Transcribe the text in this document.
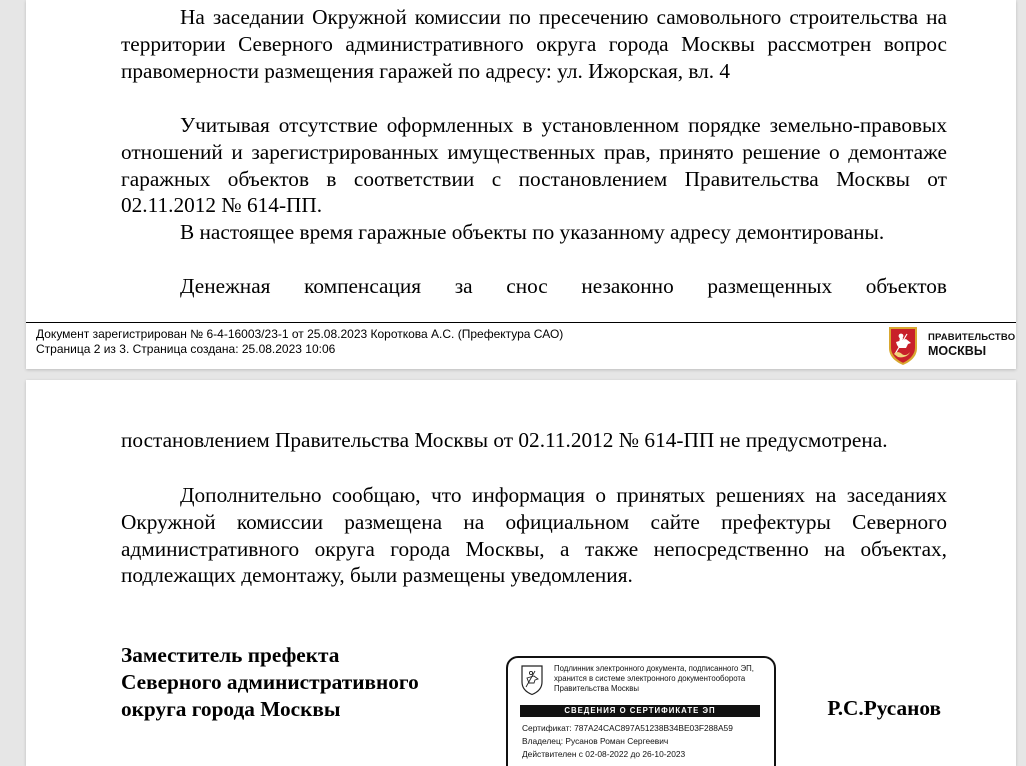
На заседании Окружной комиссии по пресечению самовольного строительства на территории Северного административного округа города Москвы рассмотрен вопрос правомерности размещения гаражей по адресу: ул. Ижорская, вл. 4

Учитывая отсутствие оформленных в установленном порядке земельно-правовых отношений и зарегистрированных имущественных прав, принято решение о демонтаже гаражных объектов в соответствии с постановлением Правительства Москвы от 02.11.2012 № 614-ПП.

В настоящее время гаражные объекты по указанному адресу демонтированы.

Денежная компенсация за снос незаконно размещенных объектов

Документ зарегистрирован № 6-4-16003/23-1 от 25.08.2023 Короткова А.С. (Префектура САО)
Страница 2 из 3. Страница создана: 25.08.2023 10:06
ПРАВИТЕЛЬСТВО
МОСКВЫ

постановлением Правительства Москвы от 02.11.2012 № 614-ПП не предусмотрена.

Дополнительно сообщаю, что информация о принятых решениях на заседаниях Окружной комиссии размещена на официальном сайте префектуры Северного административного округа города Москвы, а также непосредственно на объектах, подлежащих демонтажу, были размещены уведомления.

Заместитель префекта
Северного административного
округа города Москвы
Подлинник электронного документа, подписанного ЭП, хранится в системе электронного документооборота Правительства Москвы
СВЕДЕНИЯ О СЕРТИФИКАТЕ ЭП
Сертификат: 787A24CAC897A51238B34BE03F288A59
Владелец: Русанов Роман Сергеевич
Действителен с 02-08-2022 до 26-10-2023
Р.С.Русанов
